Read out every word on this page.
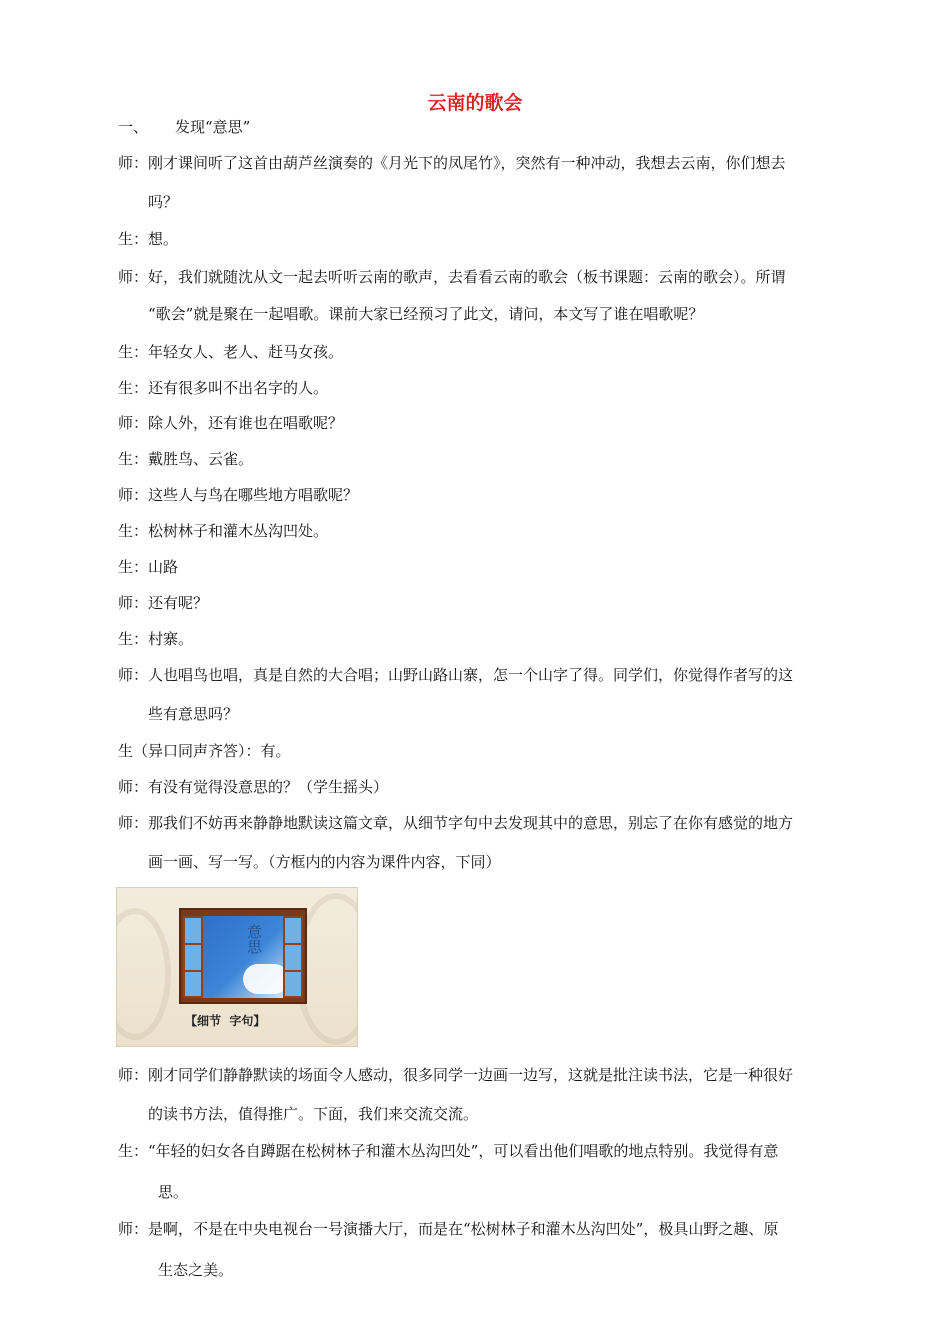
云南的歌会
一、 发现“意思”
师：刚才课间听了这首由葫芦丝演奏的《月光下的凤尾竹》，突然有一种冲动，我想去云南，你们想去
吗？
生：想。
师：好，我们就随沈从文一起去听听云南的歌声，去看看云南的歌会（板书课题：云南的歌会）。所谓
“歌会”就是聚在一起唱歌。课前大家已经预习了此文，请问，本文写了谁在唱歌呢？
生：年轻女人、老人、赶马女孩。
生：还有很多叫不出名字的人。
师：除人外，还有谁也在唱歌呢？
生：戴胜鸟、云雀。
师：这些人与鸟在哪些地方唱歌呢？
生：松树林子和灌木丛沟凹处。
生：山路
师：还有呢？
生：村寨。
师：人也唱鸟也唱，真是自然的大合唱；山野山路山寨，怎一个山字了得。同学们，你觉得作者写的这
些有意思吗？
生（异口同声齐答）：有。
师：有没有觉得没意思的？（学生摇头）
师：那我们不妨再来静静地默读这篇文章，从细节字句中去发现其中的意思，别忘了在你有感觉的地方
画一画、写一写。（方框内的内容为课件内容，下同）
意思
【细节  字句】
师：刚才同学们静静默读的场面令人感动，很多同学一边画一边写，这就是批注读书法，它是一种很好
的读书方法，值得推广。下面，我们来交流交流。
生：“年轻的妇女各自蹲踞在松树林子和灌木丛沟凹处”，可以看出他们唱歌的地点特别。我觉得有意
思。
师：是啊，不是在中央电视台一号演播大厅，而是在“松树林子和灌木丛沟凹处”，极具山野之趣、原
生态之美。
